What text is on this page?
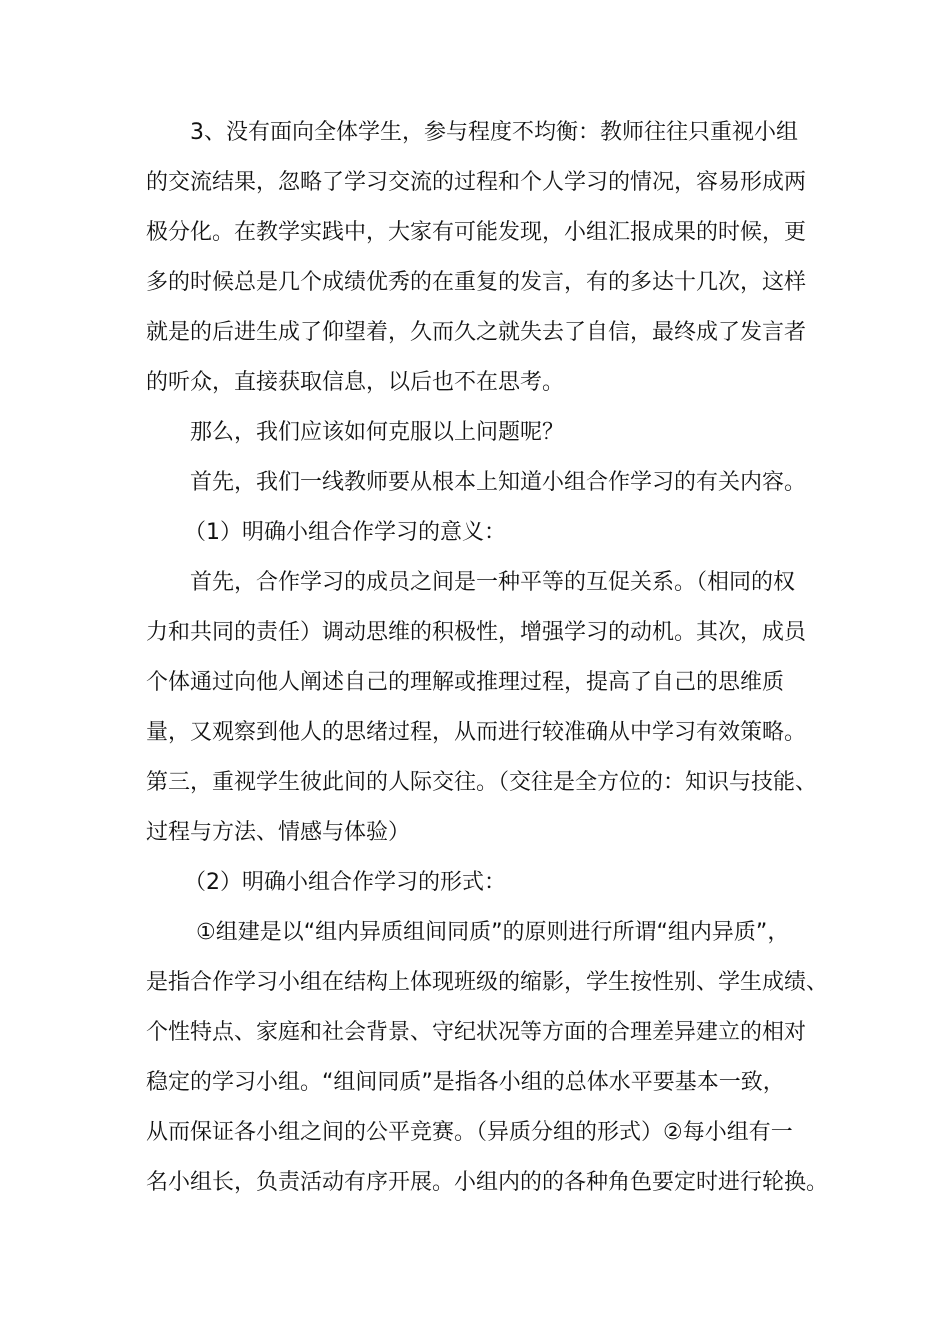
3、没有面向全体学生，参与程度不均衡：教师往往只重视小组
的交流结果，忽略了学习交流的过程和个人学习的情况，容易形成两
极分化。在教学实践中，大家有可能发现，小组汇报成果的时候，更
多的时候总是几个成绩优秀的在重复的发言，有的多达十几次，这样
就是的后进生成了仰望着，久而久之就失去了自信，最终成了发言者
的听众，直接获取信息，以后也不在思考。
那么，我们应该如何克服以上问题呢？
首先，我们一线教师要从根本上知道小组合作学习的有关内容。
（1）明确小组合作学习的意义：
首先，合作学习的成员之间是一种平等的互促关系。（相同的权
力和共同的责任）调动思维的积极性，增强学习的动机。其次，成员
个体通过向他人阐述自己的理解或推理过程，提高了自己的思维质
量，又观察到他人的思绪过程，从而进行较准确从中学习有效策略。
第三，重视学生彼此间的人际交往。（交往是全方位的：知识与技能、
过程与方法、情感与体验）
（2）明确小组合作学习的形式：
①组建是以“组内异质组间同质”的原则进行所谓“组内异质”，
是指合作学习小组在结构上体现班级的缩影，学生按性别、学生成绩、
个性特点、家庭和社会背景、守纪状况等方面的合理差异建立的相对
稳定的学习小组。“组间同质”是指各小组的总体水平要基本一致，
从而保证各小组之间的公平竞赛。（异质分组的形式）②每小组有一
名小组长，负责活动有序开展。小组内的的各种角色要定时进行轮换。
